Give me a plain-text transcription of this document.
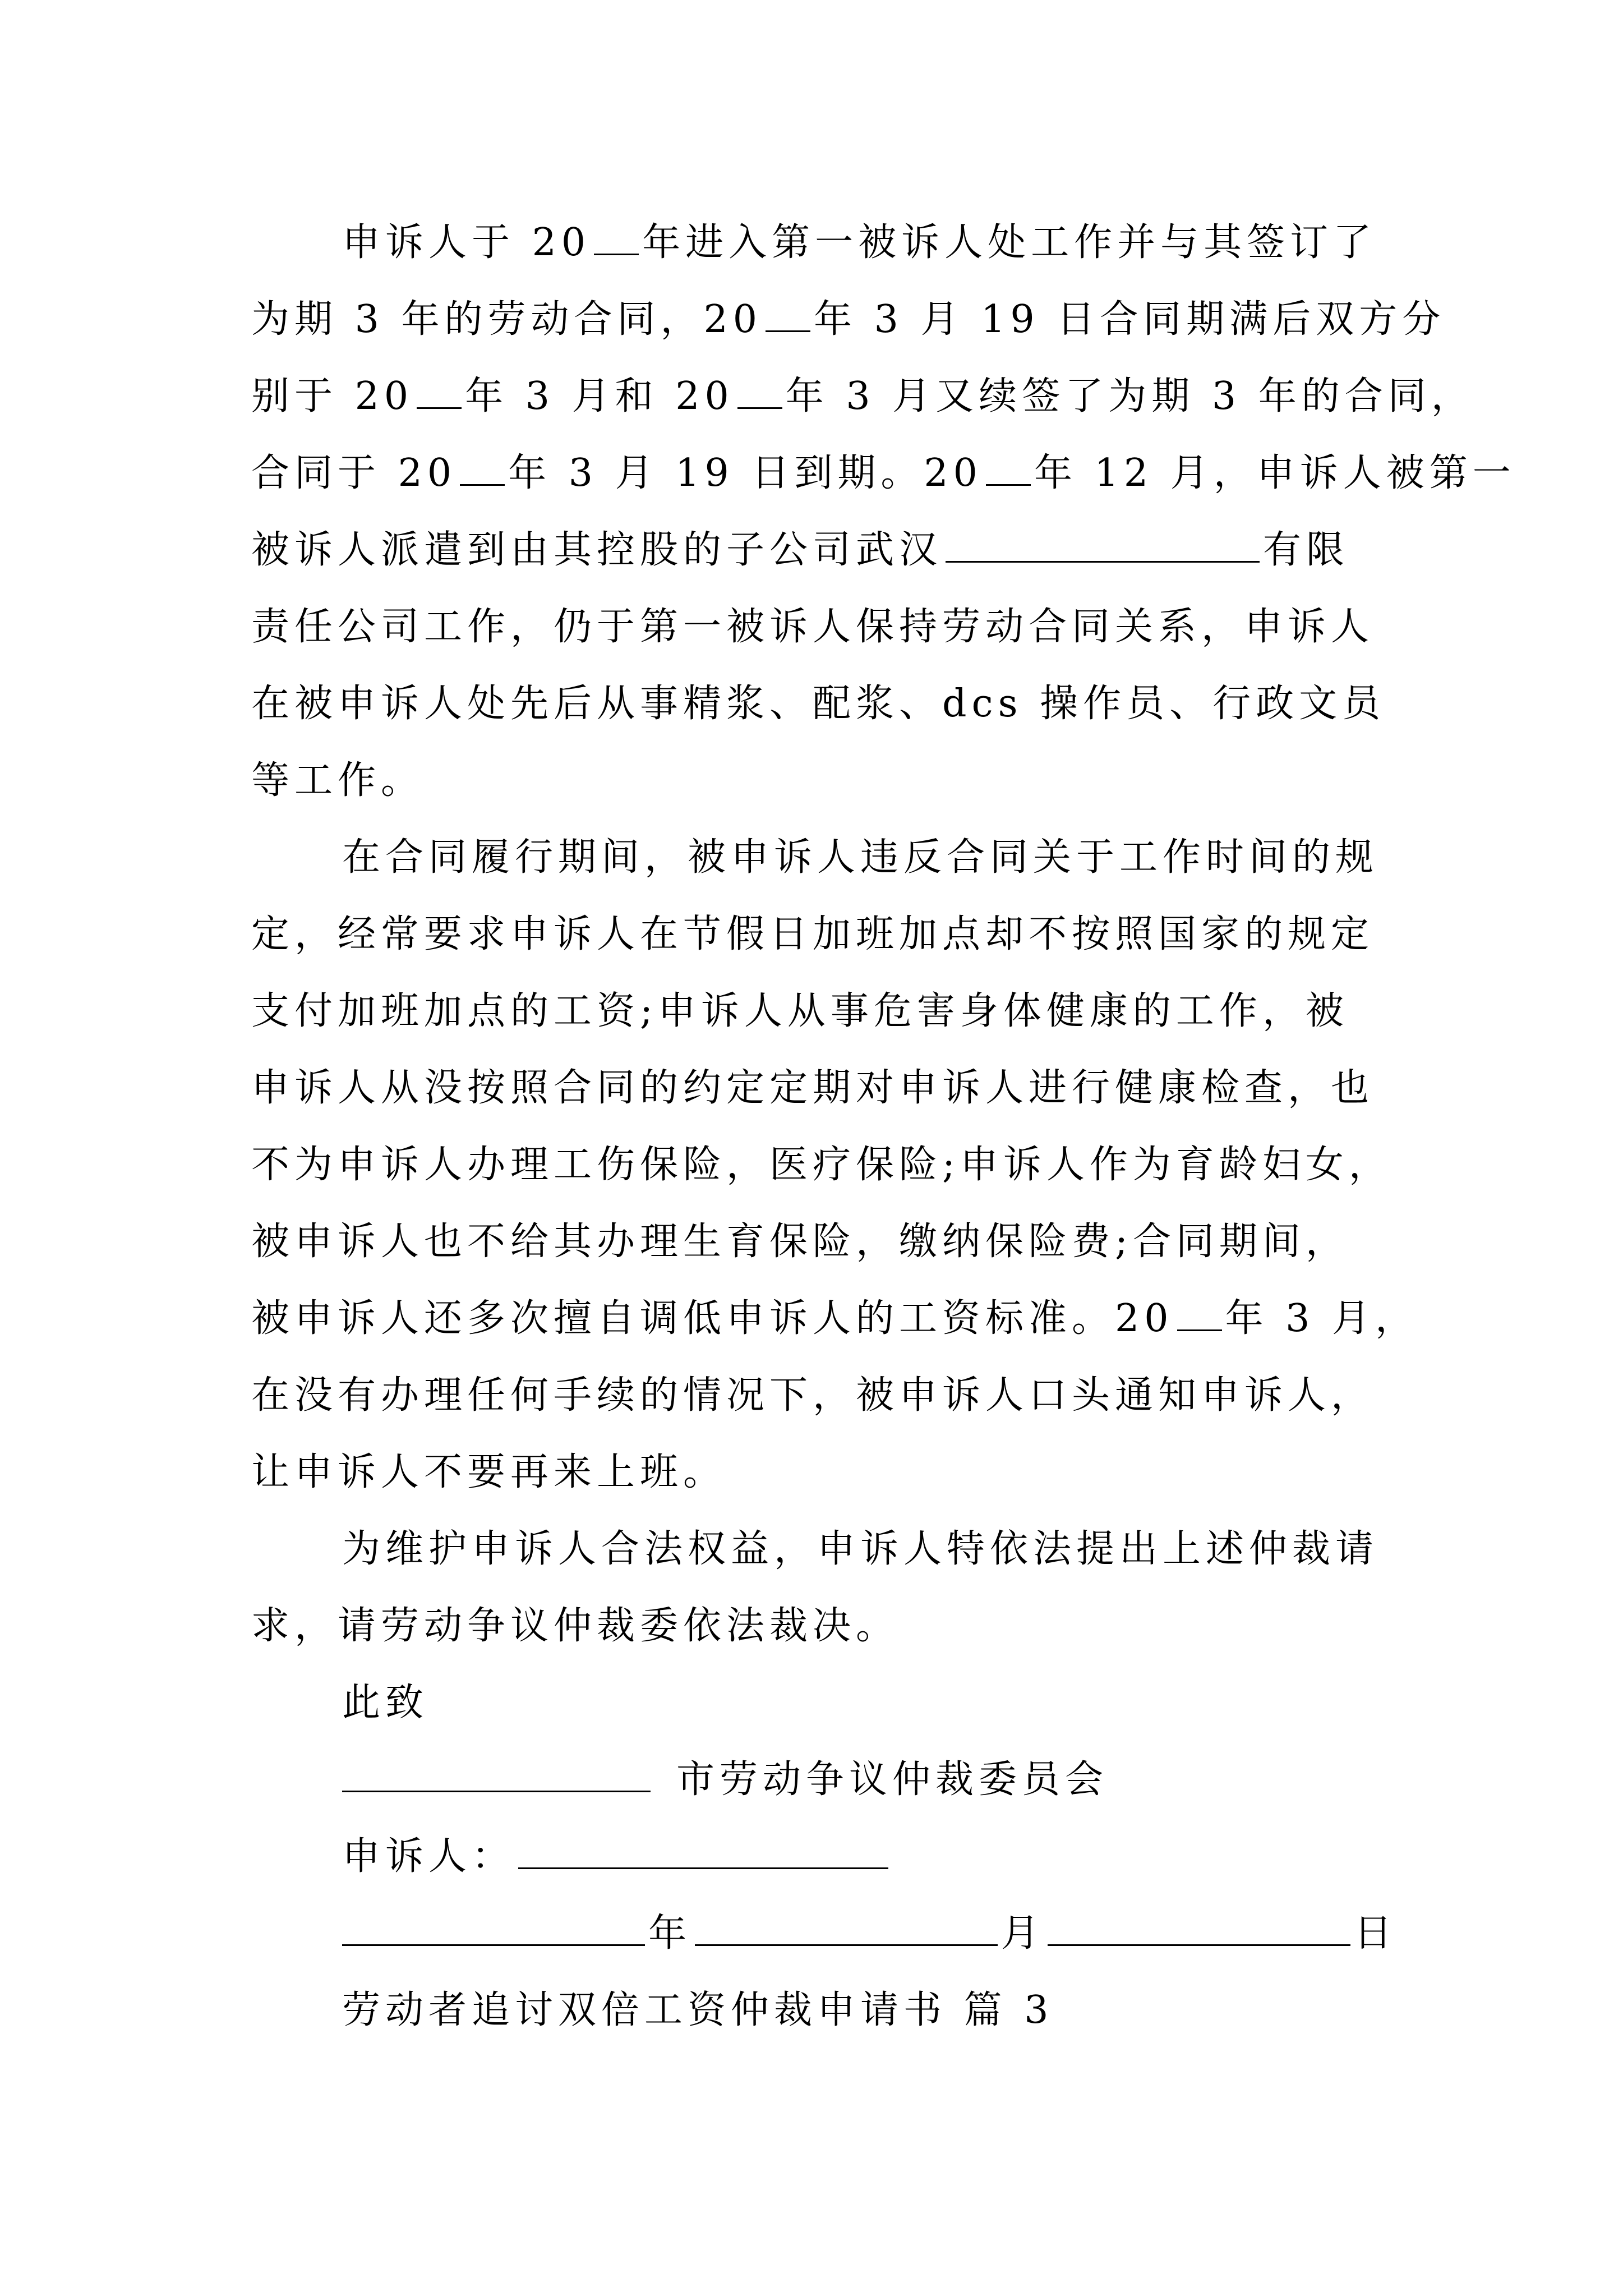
申诉人于 20 年进入第一被诉人处工作并与其签订了
为期 3 年的劳动合同，20 年 3 月 19 日合同期满后双方分
别于 20 年 3 月和 20 年 3 月又续签了为期 3 年的合同，
合同于 20 年 3 月 19 日到期。20 年 12 月，申诉人被第一
被诉人派遣到由其控股的子公司武汉	有限
责任公司工作，仍于第一被诉人保持劳动合同关系，申诉人
在被申诉人处先后从事精浆、配浆、dcs 操作员、行政文员
等工作。
在合同履行期间，被申诉人违反合同关于工作时间的规
定，经常要求申诉人在节假日加班加点却不按照国家的规定
支付加班加点的工资;申诉人从事危害身体健康的工作，被
申诉人从没按照合同的约定定期对申诉人进行健康检查，也
不为申诉人办理工伤保险，医疗保险;申诉人作为育龄妇女，
被申诉人也不给其办理生育保险，缴纳保险费;合同期间，
被申诉人还多次擅自调低申诉人的工资标准。20 年 3 月，
在没有办理任何手续的情况下，被申诉人口头通知申诉人，
让申诉人不要再来上班。
为维护申诉人合法权益，申诉人特依法提出上述仲裁请
求，请劳动争议仲裁委依法裁决。
此致
市劳动争议仲裁委员会
申诉人：
年	月	日
劳动者追讨双倍工资仲裁申请书 篇 3
